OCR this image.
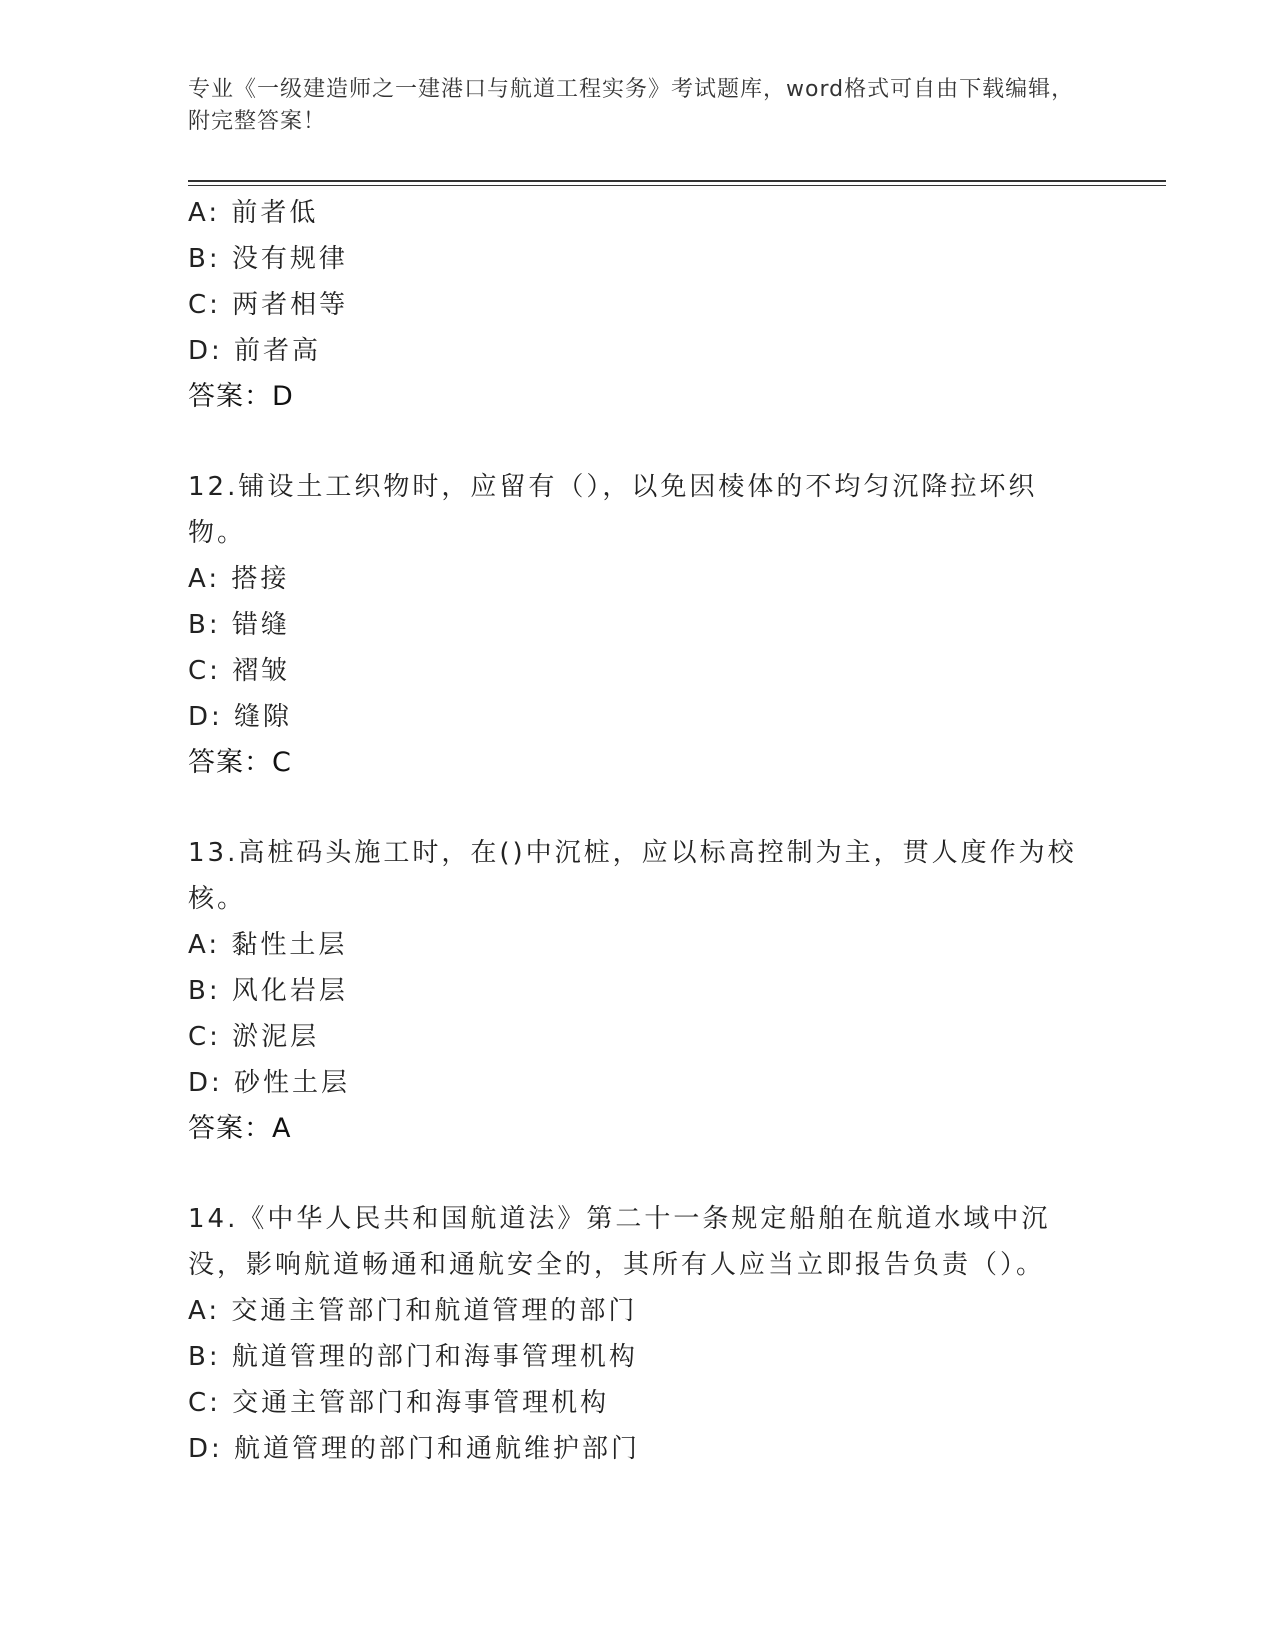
专业《一级建造师之一建港口与航道工程实务》考试题库，word格式可自由下载编辑，附完整答案！
A: 前者低
B: 没有规律
C: 两者相等
D: 前者高
答案：D
12.铺设土工织物时，应留有（），以免因棱体的不均匀沉降拉坏织物。
A: 搭接
B: 错缝
C: 褶皱
D: 缝隙
答案：C
13.高桩码头施工时，在()中沉桩，应以标高控制为主，贯人度作为校核。
A: 黏性土层
B: 风化岩层
C: 淤泥层
D: 砂性土层
答案：A
14.《中华人民共和国航道法》第二十一条规定船舶在航道水域中沉没，影响航道畅通和通航安全的，其所有人应当立即报告负责（）。
A: 交通主管部门和航道管理的部门
B: 航道管理的部门和海事管理机构
C: 交通主管部门和海事管理机构
D: 航道管理的部门和通航维护部门
